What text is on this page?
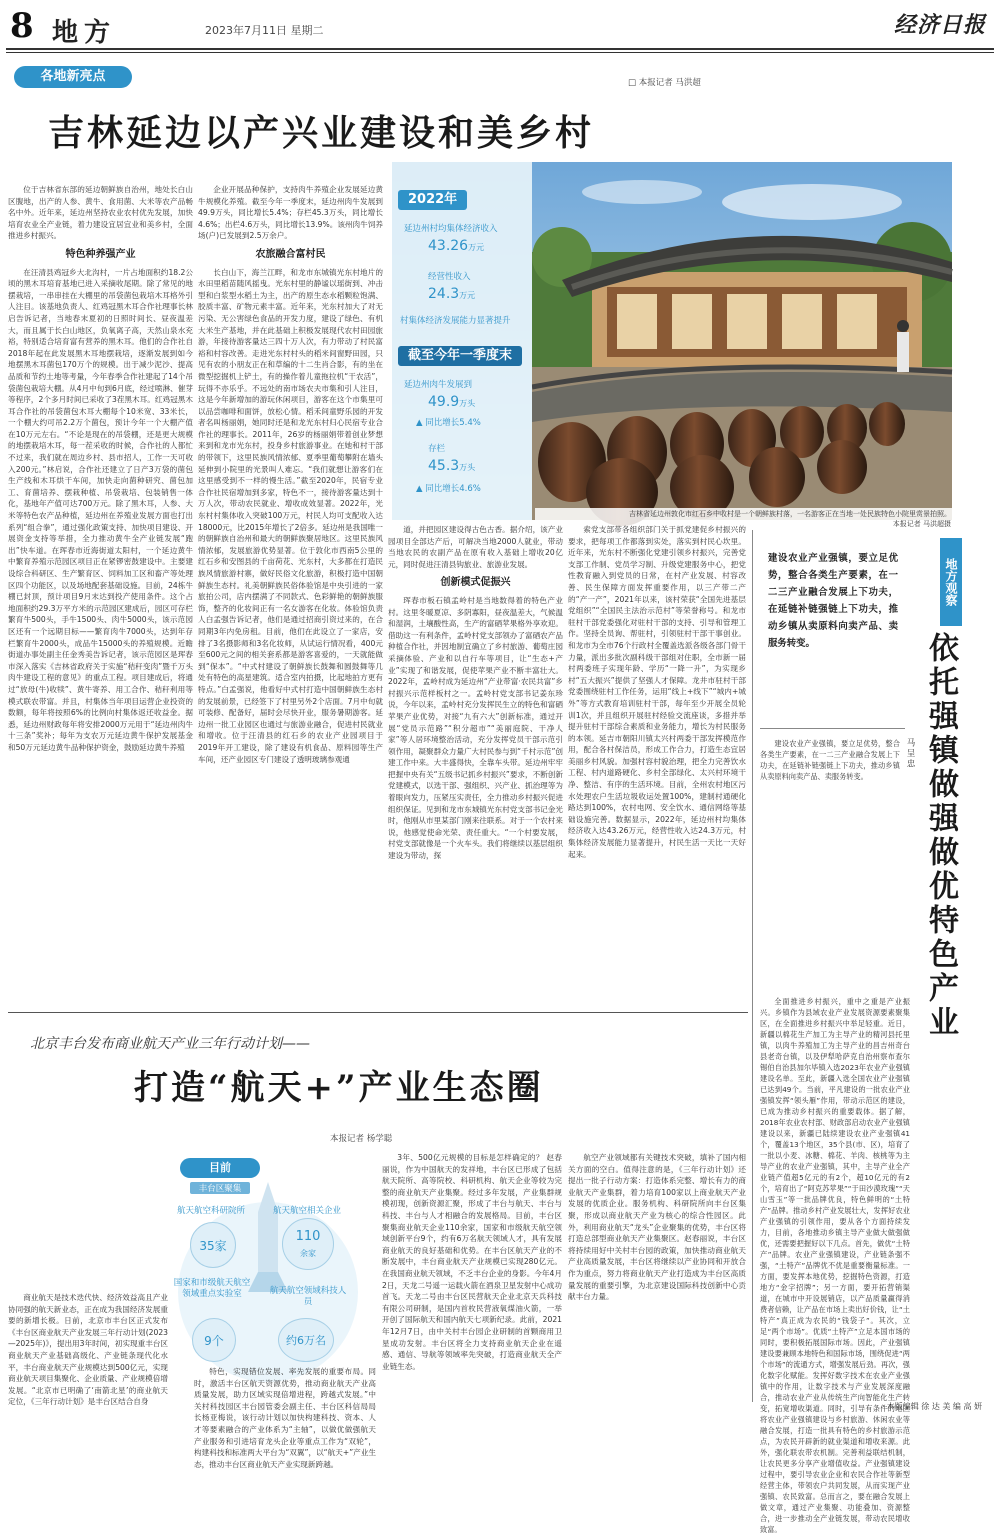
8 地方	2023年7月11日 星期二	经济日报
各地新亮点	□ 本报记者 马洪超
吉林延边以产兴业建设和美乡村
2022年
延边州村均集体经济收入
43.26万元
经营性收入
24.3万元
村集体经济发展能力显著提升
截至今年一季度末
延边州肉牛发展到
49.9万头
▲ 同比增长5.4%
存栏
45.3万头
▲ 同比增长4.6%
吉林省延边州敦化市红石乡中收村是一个朝鲜族村落，一名游客正在当地一处民族特色小院里赏景拍照。
本报记者 马洪超摄

位于吉林省东部的延边朝鲜族自治州，地处长白山区腹地，出产的人参、黄牛、食用菌、大米等农产品畅名中外。近年来，延边州坚持农业农村优先发展，加快培育农业全产业链，着力建设宜居宜业和美乡村，全面推进乡村振兴。

特色种养强产业

在汪清县鸡冠乡大北沟村，一片占地面积约18.2公顷的黑木耳培育基地已进入采摘收尾期。除了常见的地摆栽培，一串串挂在大棚里的吊袋菌包栽培木耳格外引人注目。该基地负责人、红鸡冠黑木耳合作社理事长林启告诉记者，当地春末夏初的日照时间长、昼夜温差大，而且属于长白山地区，负氧离子高，天然山泉水充裕，特别适合培育富有营养的黑木耳。他们的合作社自2018年起在此发展黑木耳地摆栽培，逐渐发展到如今地摆黑木耳菌包170万个的规模。出于减少泥沙、提高品质和节约土地等考量，今年春季合作社建起了14个吊袋菌包栽培大棚。从4月中旬到6月底，经过喷淋、催芽等程序，2个多月时间已采收了3茬黑木耳。红鸡冠黑木耳合作社的吊袋菌包木耳大棚每个10米宽、33米长，一个棚大约可吊2.2万个菌包，预计今年一个大棚产值在10万元左右。“不论是现在的吊袋棚，还是更大规模的地摆栽培木耳，每一茬采收的时候，合作社的人都忙不过来，我们就在周边乡村、县市招人，工作一天可收入200元。”林启说，合作社还建立了日产3万袋的菌包生产线和木耳烘干车间，加快走向菌种研究、菌包加工、育菌培养、摆栽种植、吊袋栽培、包装销售一体化，基地年产值可达700万元。除了黑木耳，人参、大米等特色农产品种植，延边州在养殖业发展方面也打出系列“组合拳”，通过强化政策支持、加快项目建设、开展资金支持等举措，全力推动黄牛全产业链发展“跑出”快车道。在珲春市近海街道太阳村，一个延边黄牛中繁育养殖示范园区项目正在紧锣密鼓建设中。主要建设综合科研区、生产繁育区、饲料加工区和畜产等处理区四个功能区，以及场地配套基础设施。目前，24栋牛棚已封顶，预计项目9月末达到投产使用条件。这个占地面积约29.3万平方米的示范园区建成后，园区可存栏繁育牛500头，手牛1500头、肉牛5000头，该示范园区还有一个远期目标——繁育肉牛7000头，达到年存栏繁育牛2000头，成品牛15000头的养殖规模。近瞻街道办事处副主任金秀美告诉记者，该示范园区是珲春市深入落实《吉林省政府关于实施“秸秆变肉”暨千万头肉牛建设工程的意见》的重点工程。项目建成后，将通过“放母(牛)收犊”、黄牛寄养、用工合作、秸秆利用等模式联农带富。并且，村集体当年项目运营企业投资的数额，每年将按照6%的比例向村集体返还收益金。据悉，延边州财政每年将安排2000万元用于“延边州肉牛十三条”奖补；每年为支农万元延边黄牛保护发展基金和50万元延边黄牛品种保护资金，鼓励延边黄牛养殖

企业开展品种保护，支持肉牛养殖企业发展延边黄牛规模化养殖。截至今年一季度末，延边州肉牛发展到49.9万头，同比增长5.4%；存栏45.3万头，同比增长4.6%；出栏4.6万头，同比增长13.9%。该州肉牛饲养场(户)已发展到2.5万余户。

农旅融合富村民

长白山下，海兰江畔，和龙市东城镇光东村地片的水田里稻苗随风摇曳。光东村里的静谧以瑶街到、冲击型和白浆型水稻土为主，出产的原生态水稻颗粒饱满、胶质丰富、矿物元素丰富。近年来，光东村加大了对无污染、无公害绿色食品的开发力度，建设了绿色、有机大米生产基地，并在此基础上积极发展现代农村田园旅游，年接待游客量达三四十万人次，有力带动了村民富裕和村容改善。走进光东村村头的稻米间窗野田园，只见有农的小朋友正在和草编的十二生肖合影，有的坐在微型挖掘机上铲土，有的操作着儿童拖拉机“干农活”，玩得不亦乐乎。不远处的南市场农夫市集和引人注目，这是今年新增加的游玩休闲项目，游客在这个市集里可以品尝咖啡和面饼，放松心情。稻禾间童野乐园的开发者名叫杨丽娟，她同时还是和龙光东村归心民宿专业合作社的理事长。2011年，26岁的杨丽娟带着创业梦想来到和龙市光东村，投身乡村旅游事业。在她和村干部的带领下，这里民族风情浓郁、夏季里葡萄攀附在墙头延伸到小院里的光景叫人难忘。“我们就想让游客们在这里感受到不一样的慢生活。”截至2020年，民宿专业合作社民宿增加到多家，特色不一，接待游客量达到十万人次，带动农民就业、增收成效显著。2022年，光东村村集体收入突破100万元，村民人均可支配收入达18000元，比2015年增长了2倍多。延边州是我国唯一的朝鲜族自治州和最大的朝鲜族聚居地区。这里民族风情浓郁，发展旅游优势显著。位于敦化市西南5公里的红石乡和安图县的千亩荷花、光东村，大多都在打造民族风情旅游村寨，做好民俗文化旅游，积极打造中国朝鲜族生态村。礼美朝鲜族民俗体验馆是中央引进的一家旅拍公司，店内摆满了不同款式、色彩鲜艳的朝鲜族服饰，整齐的化妆间正有一名女游客在化妆。体验馆负责人白孟强告诉记者，他们是通过招商引资过来的，在合同期3年内免房租。目前，他们在此设立了一家店，安排了3名摄影师和3名化妆师，从试运行情况看，400元至600元之间的相关套系都是游客喜爱的，一天就能做到“保本”。“中式村建设了朝鲜族长鼓舞和圆鼓舞等几处有特色的高星建筑。适合室内拍摄，比起地拍方更有特点。”白孟强说，他看好中式村打造中国朝鲜族生态村的发展前景，已经签下了村里另外2个店面。7月中旬就可装修、配备好，届时会尽快开业，服务暑期游客。延边州一批工业园区也通过与旅游业融合，促进村民就业和增收。位于汪清县的红石乡的农业产业园项目于2019年开工建设，除了建设有机食品、原料园等生产车间，还产业园区专门建设了透明玻璃参观通

道，并把园区建设得古色古香。据介绍，该产业园项目全部达产后，可解决当地2000人就业，带动当地农民的农副产品在原有收入基础上增收20亿元，同时促进汪清县钩旅业、旅游业发展。

创新模式促振兴

珲春市板石镇孟岭村是当地数得着的特色产业村。这里冬暖夏凉、多阴寡阳，昼夜温差大，气候温和湿润，土壤酸性高，生产的富硒苹果格外享欢迎。借助这一有利条件，孟岭村党支部领办了富硒农产品种植合作社，并因地制宜确立了乡村旅游、葡萄庄园采摘体验、产业和以自行车等项目，让“生态+产业”实现了和谐发展，促使苹果产业不断丰富壮大。2022年，孟岭村成为延边州“产业带富·农民共富”乡村振兴示范样板村之一。孟岭村党支部书记姜东珍说，今年以来，孟岭村充分发挥民生立的特色和富硒苹果产业优势，对接“九有六大”创新标准，通过开展“党员示范路”“积分超市”“美丽庭院、干净人家”等人居环境整治活动，充分发挥党员干部示范引领作用，凝聚群众力量广大村民参与到“千村示范”创建工作中来。大丰盛得快，全靠车头带。延边州牢牢把握中央有关“五级书记抓乡村振兴”要求，不断创新党建模式，以选干部、强组织、兴产业、抓治理等为着眼向发力，压紧压实责任，全力推动乡村振兴促进组织保证。见到和龙市东城镇光东村党支部书记金光时，他刚从市里某部门刚来往联系。对于一个农村来说，他感觉使命光荣、责任重大。“一个村要发展，村党支部就像是一个火车头。我们将继续以基层组织建设为带动，探

索党支部带各组织部门关于抓党建促乡村振兴的要求，把每项工作都落到实处，落实到村民心坎里。近年来，光东村不断强化党建引领乡村振兴，完善党支部工作制、党员学习制、升级党建服务中心，把党性教育融入到党员的日常，在村产业发展、村容改善、民生保障方面发挥重要作用，以三产带二产的“产一产”，2021年以来，该村荣获“全国先进基层党组织”“全国民主法治示范村”等荣誉称号。和龙市驻村干部党委强化对驻村干部的支持、引导和管理工作。坚持全员询、帮驻村，引领驻村干部干事创业。和龙市为全市76个行政村全覆盖选派各级各部门骨干力量，派出多批次副科级干部组对住职，全市新一届村两委班子实现年龄、学历“一降一升”，为实现乡村“五大振兴”提供了坚强人才保障。龙井市驻村干部党委围绕驻村工作任务，运用“线上+线下”“城内+城外”等方式教育培训驻村干部，每年至少开展全员轮训1次，并且组织开展驻村经验交流座谈，多措并举提升驻村干部综合素质和业务能力，增长为村民服务的本领。延吉市朝阳川镇太兴村两委干部发挥模范作用，配合各村保洁员，形成工作合力，打造生态宜居美丽乡村风貌。加强村容村貌治理，把全力完善饮水工程、村内道路硬化、乡村全部绿化、太兴村环境干净、整洁、有序的生活环境。目前，全州农村地区污水处理农户生活垃圾收运处置100%，建制村通硬化路达到100%，农村电网、安全饮水、通信网络等基础设施完善。数据显示，2022年，延边州村均集体经济收入达43.26万元，经营性收入达24.3万元，村集体经济发展能力显著提升，村民生活一天比一天好起来。

地方观察
依托强镇做强做优特色产业
建设农业产业强镇，要立足优势，整合各类生产要素，在一二三产业融合发展上下功夫，在延链补链强链上下功夫，推动乡镇从卖原料向卖产品、卖服务转变。
马呈忠

全面推进乡村振兴，重中之重是产业振兴。乡镇作为县域农业产业发展资源要素聚集区，在全面推进乡村振兴中举足轻重。近日，新疆以棉花生产加工为主导产业的精河县托里镇，以肉牛养殖加工为主导产业的昌吉州奇台县老奇台镇，以及伊犁哈萨克自治州察布查尔锡伯自治县加尔毕镇入选2023年农业产业强镇建设名单。至此，新疆入选全国农业产业强镇已达到49个。当前，平凡建设的一批农业产业强镇发挥“领头雁”作用，带动示范区的建设，已成为推动乡村振兴的重要载体。据了解，2018年农业农村部、财政部启动农业产业强镇建设以来，新疆已陆续建设农业产业强镇41个，覆盖13个地区，35个县(市、区)，培育了一批以小麦、冰糖、棉花、羊肉、核桃等为主导产业的农业产业强镇，其中，主导产业全产业链产值超5亿元的有2个，超10亿元的有2个，培育出了“阿克苏苹果”“于田沙漠玫瑰”“天山雪玉”等一批品牌优良，特色鲜明的“土特产”品牌。推动乡村产业发展壮大，发挥好农业产业强镇的引领作用，要从各个方面持续发力，目前，各地推动乡镇主导产业做大做强做优，还需要把握好以下几点。首先，做优“土特产”品牌。农业产业强镇建设，产业链条强不强，“土特产”品牌优不优是重要衡量标准。一方面，要发挥本地优势，挖掘特色资源，打造地方“金字招牌”；另一方面，要开拓营销渠道，在城市中开设展销店，以产品质量赢得消费者信赖，让产品在市场上卖出好价钱，让“土特产”真正成为农民的“钱袋子”。其次，立足“两个市场”。优质“土特产”立足本国市场的同时，要积极拓展国际市场。因此，产业强镇建设要兼顾本地特色和国际市场，围绕促进“两个市场”的流通方式，增强发展后劲。再次，强化数字化赋能。发挥好数字技术在农业产业强镇中的作用，让数字技术与产业发展深度融合，推动农业产业从传统生产向智能化生产转变，拓宽增收渠道。同时，引导有条件的地区将农业产业强镇建设与乡村旅游、休闲农业等融合发展，打造一批具有特色的乡村旅游示范点，为农民开辟新的就业渠道和增收来源。此外，强化联农带农机制。完善利益联结机制，让农民更多分享产业增值收益。产业强镇建设过程中，要引导农业企业和农民合作社等新型经营主体，带领农户共同发展，从而实现产业强镇、农民致富。总而言之，要在融合发展上做文章，通过产业集聚、功能叠加、资源整合，进一步推动全产业链发展，带动农民增收致富。

建设农业产业强镇，要立足优势，整合各类生产要素，在一二三产业融合发展上下功夫，在延链补链强链上下功夫，推动乡镇从卖原料向卖产品、卖服务转变。

北京丰台发布商业航天产业三年行动计划——
打造“航天+”产业生态圈
本报记者 杨学聪
目前
丰台区聚集
航天航空科研院所
35家
航天航空相关企业
110
余家
国家和市级航天航空领域重点实验室
9个
航天航空领域科技人员
约6万名

商业航天是技术迭代快、经济效益高且产业协同强的航天新业态，正在成为我国经济发展重要的新增长极。日前，北京市丰台区正式发布《丰台区商业航天产业发展三年行动计划(2023—2025年)》，提出用3年时间，初实现重丰台区商业航天产业基础高级化、产业链条现代化水平，丰台商业航天产业规模达到500亿元，实现商业航天项目集聚化、企业质量、产业规模倍增发展。“北京市已明确了‘南箭北星’的商业航天定位，《三年行动计划》是丰台区结合自身

特色，实现错位发展、率先发展的重要布局。同时，激活丰台区航天资源优势，推动商业航天产业高质量发展，助力区域实现倍增进程，跨越式发展。”中关村科技园区丰台园管委会副主任、丰台区科信局局长杨亚梅说，该行动计划以加快构建科技、资本、人才等要素融合的产业体系为“主轴”，以做优做强航天产业服务和引进培育龙头企业等重点工作为“双轮”，构建科技和标准两大平台为“双翼”，以“航天+”产业生态，推动丰台区商业航天产业实现新跨越。

3年、500亿元规模的目标是怎样确定的？ 赵春丽说，作为中国航天的发祥地，丰台区已形成了包括航天院所、高等院校、科研机构、航天企业等较为完整的商业航天产业集聚。经过多年发展，产业集群规模初现，创新资源汇聚，形成了丰台与航天、丰台与科技、丰台与人才相融合的发展格局。目前，丰台区聚集商业航天企业110余家，国家和市级航天航空领域创新平台9个，约有6万名航天领域人才，具有发展商业航天的良好基础和优势。在丰台区航天产业的不断发展中，丰台商业航天产业规模已实现280亿元。在我国商业航天领域，不乏丰台企业的身影。今年4月2日，天龙二号遥一运载火箭在酒泉卫星发射中心成功首飞。天龙二号由丰台区民营航天企业北京天兵科技有限公司研制，是国内首枚民营液氧煤油火箭，一举开创了国际航天和国内航天七项新纪录。此前，2021年12月7日，由中关村丰台园企业研制的首颗商用卫星成功发射。丰台区将全力支持商业航天企业在遥感、通信、导航等领域率先突破，打造商业航天全产业链生态。

航空产业领域都有关键技术突破，填补了国内相关方面的空白。值得注意的是，《三年行动计划》还提出一批子行动方案：打造体系完整、增长有力的商业航天产业集群，着力培育100家以上商业航天产业发展的优质企业。服务机构、科研院所向丰台区集聚，形成以商业航天产业为核心的综合性园区。此外，利用商业航天“龙头”企业聚集的优势，丰台区将打造总部型商业航天产业集聚区。赵春丽说，丰台区将持续用好中关村丰台园的政策，加快推动商业航天产业高质量发展，丰台区将继续以产业协同和开放合作为重点，努力将商业航天产业打造成为丰台区高质量发展的重要引擎，为北京建设国际科技创新中心贡献丰台力量。

本版编辑 徐 达 美 编 高 妍
